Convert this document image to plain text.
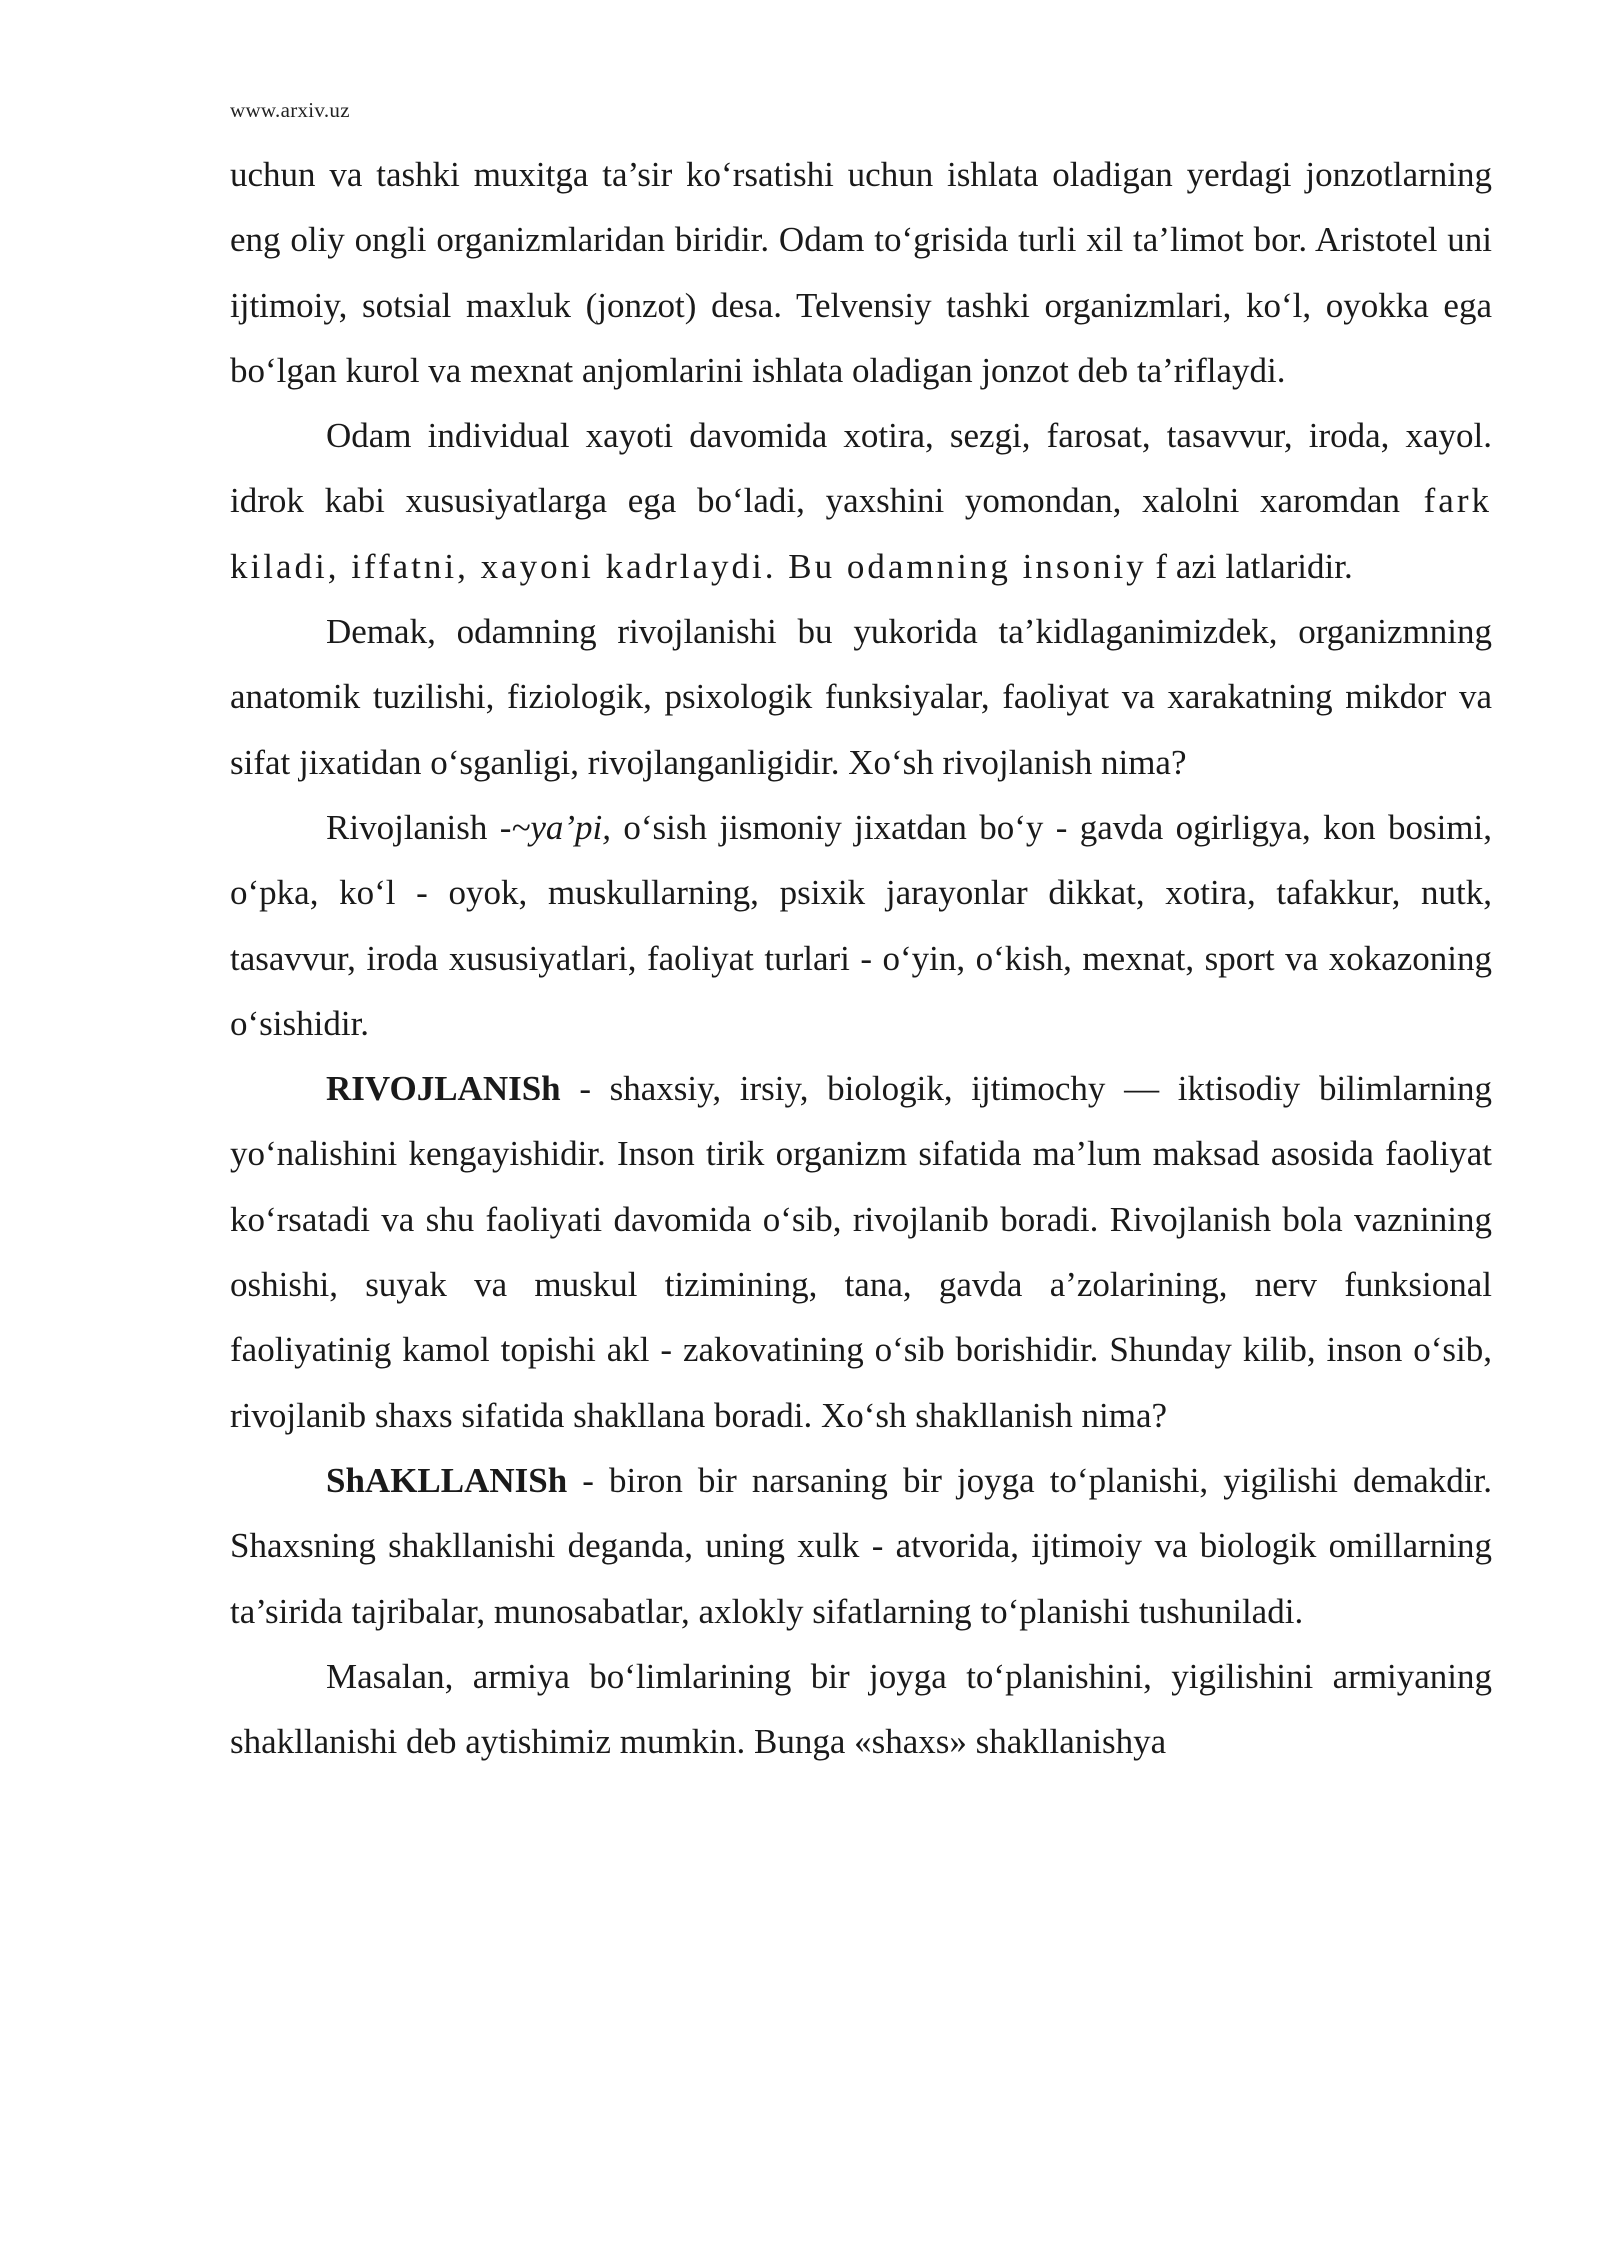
www.arxiv.uz

uchun va tashki muxitga ta’sir ko‘rsatishi uchun ishlata oladigan yerdagi jonzotlarning eng oliy ongli organizmlaridan biridir. Odam to‘grisida turli xil ta’limot bor. Aristotel uni ijtimoiy, sotsial maxluk (jonzot) desa. Telvensiy tashki organizmlari, ko‘l, oyokka ega bo‘lgan kurol va mexnat anjomlarini ishlata oladigan jonzot deb ta’riflaydi.

Odam individual xayoti davomida xotira, sezgi, farosat, tasavvur, iroda, xayol. idrok kabi xususiyatlarga ega bo‘ladi, yaxshini yomondan, xalolni xaromdan fark kiladi, iffatni, xayoni kadrlaydi. Bu odamning insoniy f azi latlaridir.

Demak, odamning rivojlanishi bu yukorida ta’kidlaganimizdek, organizmning anatomik tuzilishi, fiziologik, psixologik funksiyalar, faoliyat va xarakatning mikdor va sifat jixatidan o‘sganligi, rivojlanganligidir. Xo‘sh rivojlanish nima?

Rivojlanish -~ya’pi, o‘sish jismoniy jixatdan bo‘y - gavda ogirligya, kon bosimi, o‘pka, ko‘l - oyok, muskullarning, psixik jarayonlar dikkat, xotira, tafakkur, nutk, tasavvur, iroda xususiyatlari, faoliyat turlari - o‘yin, o‘kish, mexnat, sport va xokazoning o‘sishidir.

RIVOJLANISh - shaxsiy, irsiy, biologik, ijtimochy — iktisodiy bilimlarning yo‘nalishini kengayishidir. Inson tirik organizm sifatida ma’lum maksad asosida faoliyat ko‘rsatadi va shu faoliyati davomida o‘sib, rivojlanib boradi. Rivojlanish bola vaznining oshishi, suyak va muskul tizimining, tana, gavda a’zolarining, nerv funksional faoliyatinig kamol topishi akl - zakovatining o‘sib borishidir. Shunday kilib, inson o‘sib, rivojlanib shaxs sifatida shakllana boradi. Xo‘sh shakllanish nima?

ShAKLLANISh - biron bir narsaning bir joyga to‘planishi, yigilishi demakdir. Shaxsning shakllanishi deganda, uning xulk - atvorida, ijtimoiy va biologik omillarning ta’sirida tajribalar, munosabatlar, axlokly sifatlarning to‘planishi tushuniladi.

Masalan, armiya bo‘limlarining bir joyga to‘planishini, yigilishini armiyaning shakllanishi deb aytishimiz mumkin. Bunga «shaxs» shakllanishya
